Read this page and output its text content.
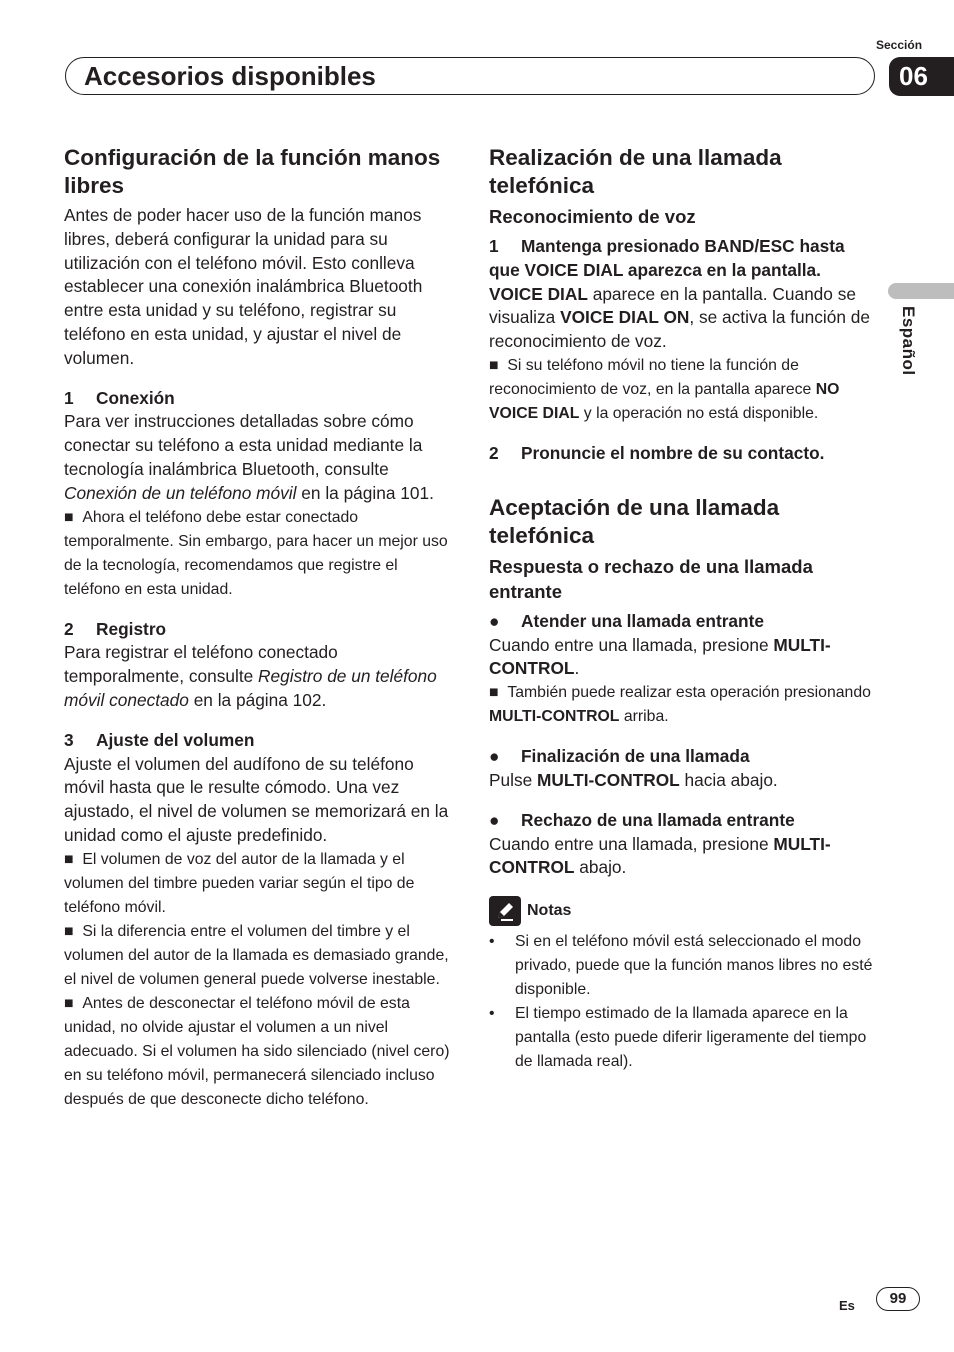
Accesorios disponibles
Sección
06
Español
Configuración de la función manos libres

Antes de poder hacer uso de la función manos libres, deberá configurar la unidad para su utilización con el teléfono móvil. Esto conlleva establecer una conexión inalámbrica Bluetooth entre esta unidad y su teléfono, registrar su teléfono en esta unidad, y ajustar el nivel de volumen.

1 Conexión

Para ver instrucciones detalladas sobre cómo conectar su teléfono a esta unidad mediante la tecnología inalámbrica Bluetooth, consulte Conexión de un teléfono móvil en la página 101.

■  Ahora el teléfono debe estar conectado temporalmente. Sin embargo, para hacer un mejor uso de la tecnología, recomendamos que registre el teléfono en esta unidad.

2 Registro

Para registrar el teléfono conectado temporalmente, consulte Registro de un teléfono móvil conectado en la página 102.

3 Ajuste del volumen

Ajuste el volumen del audífono de su teléfono móvil hasta que le resulte cómodo. Una vez ajustado, el nivel de volumen se memorizará en la unidad como el ajuste predefinido.

■  El volumen de voz del autor de la llamada y el volumen del timbre pueden variar según el tipo de teléfono móvil.

■  Si la diferencia entre el volumen del timbre y el volumen del autor de la llamada es demasiado grande, el nivel de volumen general puede volverse inestable.

■  Antes de desconectar el teléfono móvil de esta unidad, no olvide ajustar el volumen a un nivel adecuado. Si el volumen ha sido silenciado (nivel cero) en su teléfono móvil, permanecerá silenciado incluso después de que desconecte dicho teléfono.

Realización de una llamada telefónica
Reconocimiento de voz

1 Mantenga presionado BAND/ESC hasta que VOICE DIAL aparezca en la pantalla.

VOICE DIAL aparece en la pantalla. Cuando se visualiza VOICE DIAL ON, se activa la función de reconocimiento de voz.

■  Si su teléfono móvil no tiene la función de reconocimiento de voz, en la pantalla aparece NO VOICE DIAL y la operación no está disponible.

2 Pronuncie el nombre de su contacto.

Aceptación de una llamada telefónica
Respuesta o rechazo de una llamada entrante

● Atender una llamada entrante

Cuando entre una llamada, presione MULTI-CONTROL.

■  También puede realizar esta operación presionando MULTI-CONTROL arriba.

● Finalización de una llamada

Pulse MULTI-CONTROL hacia abajo.

● Rechazo de una llamada entrante

Cuando entre una llamada, presione MULTI-CONTROL abajo.

Notas
• Si en el teléfono móvil está seleccionado el modo privado, puede que la función manos libres no esté disponible.
• El tiempo estimado de la llamada aparece en la pantalla (esto puede diferir ligeramente del tiempo de llamada real).
Es	99
